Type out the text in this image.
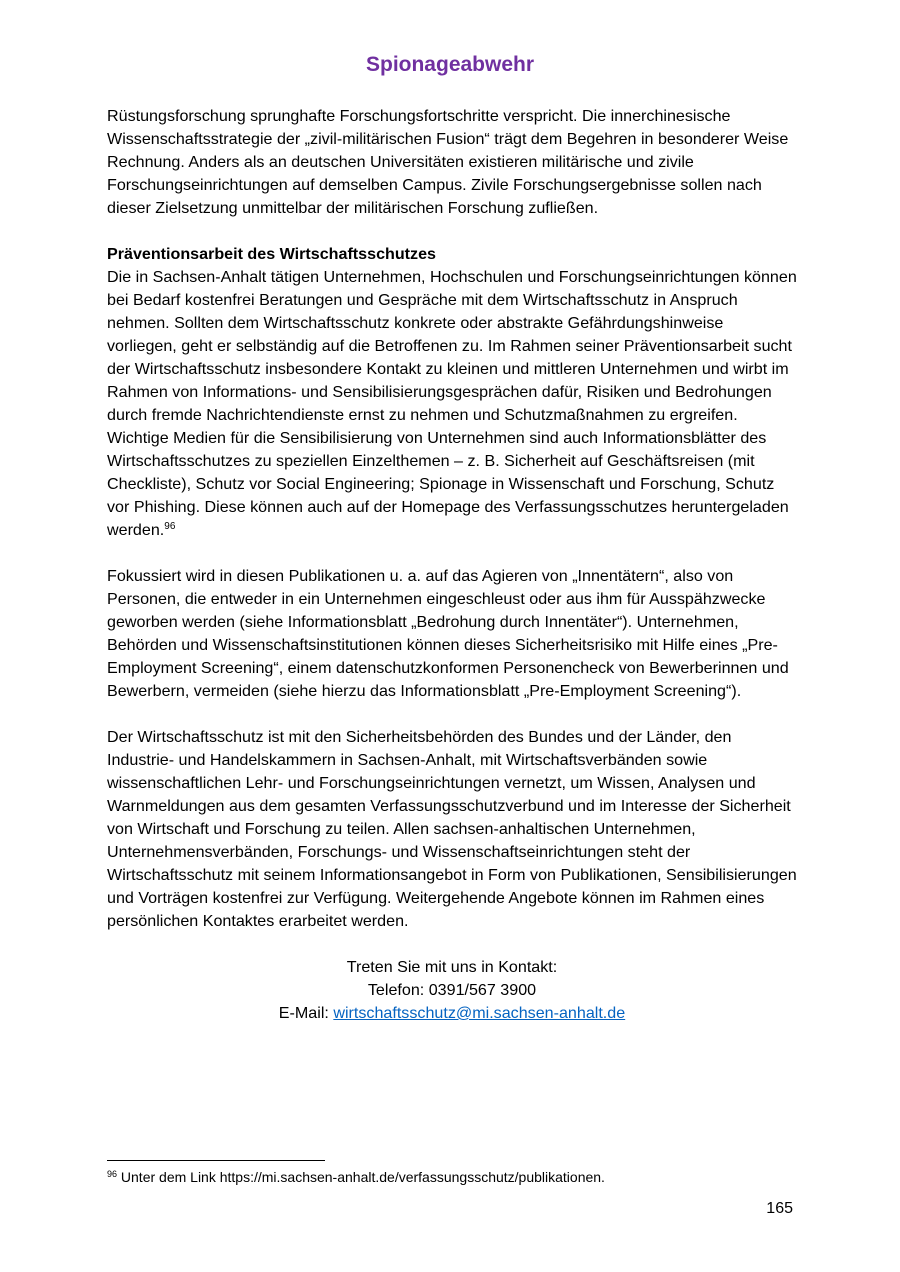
Spionageabwehr

Rüstungsforschung sprunghafte Forschungsfortschritte verspricht. Die innerchinesische Wissenschaftsstrategie der „zivil-militärischen Fusion“ trägt dem Begehren in besonderer Weise Rechnung. Anders als an deutschen Universitäten existieren militärische und zivile Forschungseinrichtungen auf demselben Campus. Zivile Forschungsergebnisse sollen nach dieser Zielsetzung unmittelbar der militärischen Forschung zufließen.

Präventionsarbeit des Wirtschaftsschutzes

Die in Sachsen-Anhalt tätigen Unternehmen, Hochschulen und Forschungseinrichtungen können bei Bedarf kostenfrei Beratungen und Gespräche mit dem Wirtschaftsschutz in Anspruch nehmen. Sollten dem Wirtschaftsschutz konkrete oder abstrakte Gefährdungshinweise vorliegen, geht er selbständig auf die Betroffenen zu. Im Rahmen seiner Präventionsarbeit sucht der Wirtschaftsschutz insbesondere Kontakt zu kleinen und mittleren Unternehmen und wirbt im Rahmen von Informations- und Sensibilisierungsgesprächen dafür, Risiken und Bedrohungen durch fremde Nachrichtendienste ernst zu nehmen und Schutzmaßnahmen zu ergreifen. Wichtige Medien für die Sensibilisierung von Unternehmen sind auch Informationsblätter des Wirtschaftsschutzes zu speziellen Einzelthemen – z. B. Sicherheit auf Geschäftsreisen (mit Checkliste), Schutz vor Social Engineering; Spionage in Wissenschaft und Forschung, Schutz vor Phishing. Diese können auch auf der Homepage des Verfassungsschutzes heruntergeladen werden.$^{96}$

Fokussiert wird in diesen Publikationen u. a. auf das Agieren von „Innentätern“, also von Personen, die entweder in ein Unternehmen eingeschleust oder aus ihm für Ausspähzwecke geworben werden (siehe Informationsblatt „Bedrohung durch Innentäter“). Unternehmen, Behörden und Wissenschaftsinstitutionen können dieses Sicherheitsrisiko mit Hilfe eines „Pre-Employment Screening“, einem datenschutzkonformen Personencheck von Bewerberinnen und Bewerbern, vermeiden (siehe hierzu das Informationsblatt „Pre-Employment Screening“).

Der Wirtschaftsschutz ist mit den Sicherheitsbehörden des Bundes und der Länder, den Industrie- und Handelskammern in Sachsen-Anhalt, mit Wirtschaftsverbänden sowie wissenschaftlichen Lehr- und Forschungseinrichtungen vernetzt, um Wissen, Analysen und Warnmeldungen aus dem gesamten Verfassungsschutzverbund und im Interesse der Sicherheit von Wirtschaft und Forschung zu teilen. Allen sachsen-anhaltischen Unternehmen, Unternehmensverbänden, Forschungs- und Wissenschaftseinrichtungen steht der Wirtschaftsschutz mit seinem Informationsangebot in Form von Publikationen, Sensibilisierungen und Vorträgen kostenfrei zur Verfügung. Weitergehende Angebote können im Rahmen eines persönlichen Kontaktes erarbeitet werden.

Treten Sie mit uns in Kontakt:

Telefon: 0391/567 3900

E-Mail: wirtschaftsschutz@mi.sachsen-anhalt.de

$^{96}$ Unter dem Link https://mi.sachsen-anhalt.de/verfassungsschutz/publikationen.
165
